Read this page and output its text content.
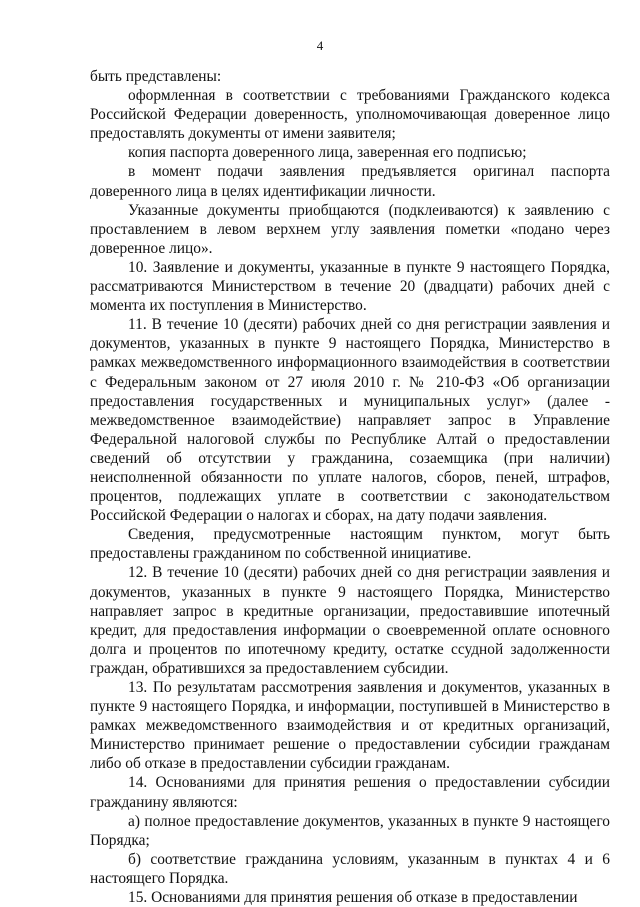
4

быть представлены:

оформленная в соответствии с требованиями Гражданского кодекса Российской Федерации доверенность, уполномочивающая доверенное лицо предоставлять документы от имени заявителя;

копия паспорта доверенного лица, заверенная его подписью;

в момент подачи заявления предъявляется оригинал паспорта доверенного лица в целях идентификации личности.

Указанные документы приобщаются (подклеиваются) к заявлению с проставлением в левом верхнем углу заявления пометки «подано через доверенное лицо».

10. Заявление и документы, указанные в пункте 9 настоящего Порядка, рассматриваются Министерством в течение 20 (двадцати) рабочих дней с момента их поступления в Министерство.

11. В течение 10 (десяти) рабочих дней со дня регистрации заявления и документов, указанных в пункте 9 настоящего Порядка, Министерство в рамках межведомственного информационного взаимодействия в соответствии с Федеральным законом от 27 июля 2010 г. № 210-ФЗ «Об организации предоставления государственных и муниципальных услуг» (далее - межведомственное взаимодействие) направляет запрос в Управление Федеральной налоговой службы по Республике Алтай о предоставлении сведений об отсутствии у гражданина, созаемщика (при наличии) неисполненной обязанности по уплате налогов, сборов, пеней, штрафов, процентов, подлежащих уплате в соответствии с законодательством Российской Федерации о налогах и сборах, на дату подачи заявления.

Сведения, предусмотренные настоящим пунктом, могут быть предоставлены гражданином по собственной инициативе.

12. В течение 10 (десяти) рабочих дней со дня регистрации заявления и документов, указанных в пункте 9 настоящего Порядка, Министерство направляет запрос в кредитные организации, предоставившие ипотечный кредит, для предоставления информации о своевременной оплате основного долга и процентов по ипотечному кредиту, остатке ссудной задолженности граждан, обратившихся за предоставлением субсидии.

13. По результатам рассмотрения заявления и документов, указанных в пункте 9 настоящего Порядка, и информации, поступившей в Министерство в рамках межведомственного взаимодействия и от кредитных организаций, Министерство принимает решение о предоставлении субсидии гражданам либо об отказе в предоставлении субсидии гражданам.

14. Основаниями для принятия решения о предоставлении субсидии гражданину являются:

а) полное предоставление документов, указанных в пункте 9 настоящего Порядка;

б) соответствие гражданина условиям, указанным в пунктах 4 и 6 настоящего Порядка.

15. Основаниями для принятия решения об отказе в предоставлении
